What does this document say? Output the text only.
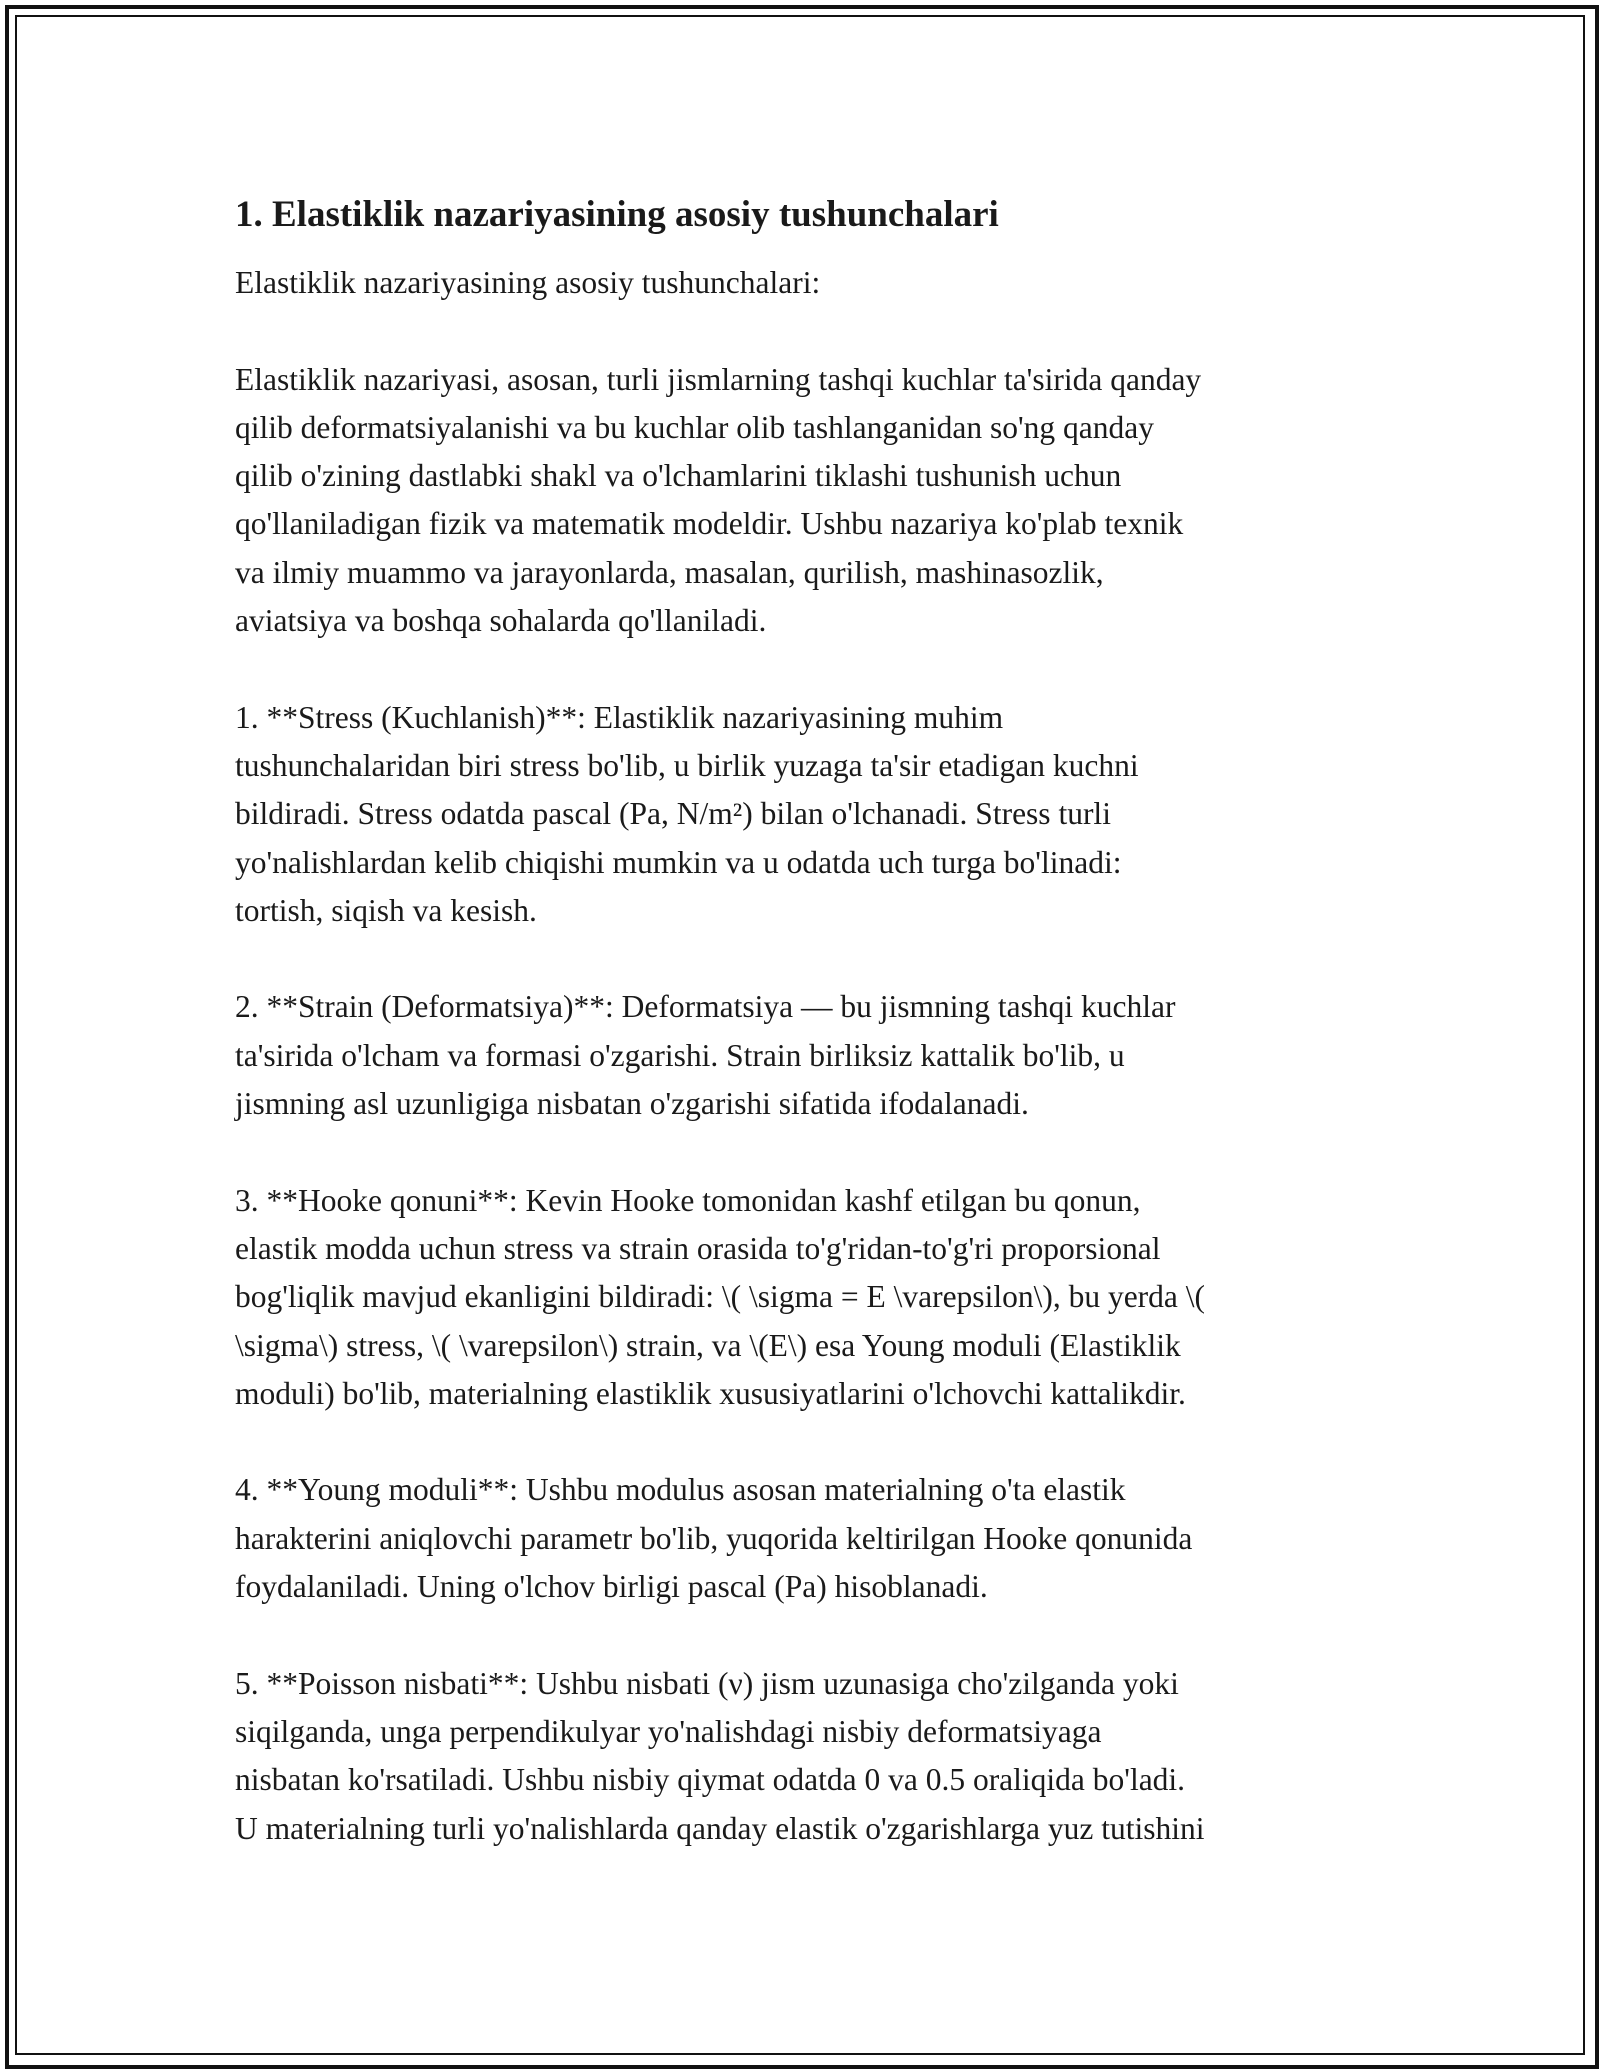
1. Elastiklik nazariyasining asosiy tushunchalari
Elastiklik nazariyasining asosiy tushunchalari:
Elastiklik nazariyasi, asosan, turli jismlarning tashqi kuchlar ta'sirida qanday
qilib deformatsiyalanishi va bu kuchlar olib tashlanganidan so'ng qanday
qilib o'zining dastlabki shakl va o'lchamlarini tiklashi tushunish uchun
qo'llaniladigan fizik va matematik modeldir. Ushbu nazariya ko'plab texnik
va ilmiy muammo va jarayonlarda, masalan, qurilish, mashinasozlik,
aviatsiya va boshqa sohalarda qo'llaniladi.
1. **Stress (Kuchlanish)**: Elastiklik nazariyasining muhim
tushunchalaridan biri stress bo'lib, u birlik yuzaga ta'sir etadigan kuchni
bildiradi. Stress odatda pascal (Pa, N/m²) bilan o'lchanadi. Stress turli
yo'nalishlardan kelib chiqishi mumkin va u odatda uch turga bo'linadi:
tortish, siqish va kesish.
2. **Strain (Deformatsiya)**: Deformatsiya — bu jismning tashqi kuchlar
ta'sirida o'lcham va formasi o'zgarishi. Strain birliksiz kattalik bo'lib, u
jismning asl uzunligiga nisbatan o'zgarishi sifatida ifodalanadi.
3. **Hooke qonuni**: Kevin Hooke tomonidan kashf etilgan bu qonun,
elastik modda uchun stress va strain orasida to'g'ridan-to'g'ri proporsional
bog'liqlik mavjud ekanligini bildiradi: \( \sigma = E \varepsilon\), bu yerda \(
\sigma\) stress, \( \varepsilon\) strain, va \(E\) esa Young moduli (Elastiklik
moduli) bo'lib, materialning elastiklik xususiyatlarini o'lchovchi kattalikdir.
4. **Young moduli**: Ushbu modulus asosan materialning o'ta elastik
harakterini aniqlovchi parametr bo'lib, yuqorida keltirilgan Hooke qonunida
foydalaniladi. Uning o'lchov birligi pascal (Pa) hisoblanadi.
5. **Poisson nisbati**: Ushbu nisbati (ν) jism uzunasiga cho'zilganda yoki
siqilganda, unga perpendikulyar yo'nalishdagi nisbiy deformatsiyaga
nisbatan ko'rsatiladi. Ushbu nisbiy qiymat odatda 0 va 0.5 oraliqida bo'ladi.
U materialning turli yo'nalishlarda qanday elastik o'zgarishlarga yuz tutishini
